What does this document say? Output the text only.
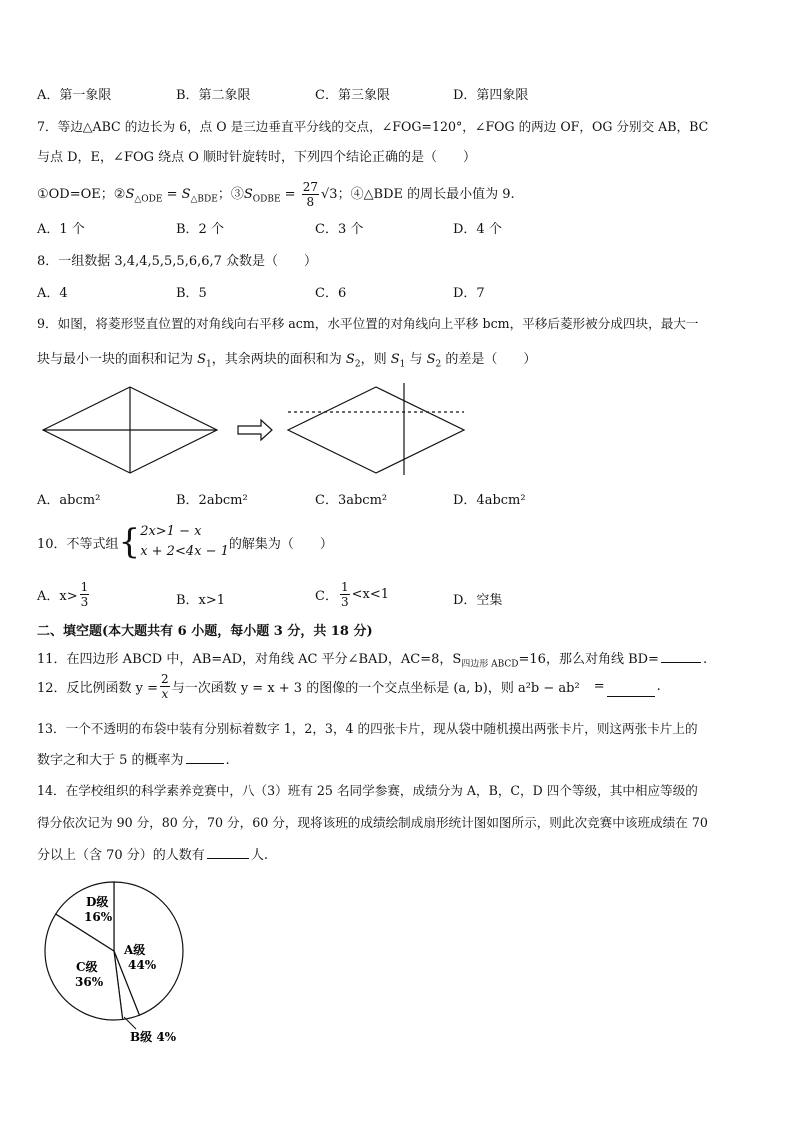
A．第一象限	B．第二象限	C．第三象限	D．第四象限
7．等边△ABC 的边长为 6，点 O 是三边垂直平分线的交点，∠FOG=120°，∠FOG 的两边 OF，OG 分别交 AB，BC
与点 D，E，∠FOG 绕点 O 顺时针旋转时，下列四个结论正确的是（　　）
①OD=OE；$②S_{\triangle ODE} = S_{\triangle BDE}$；$③S_{ODBE} = \frac{27}{8} √3$；④△BDE 的周长最小值为 9.
A．1 个	B．2 个	C．3 个	D．4 个
8．一组数据 3,4,4,5,5,5,6,6,7 众数是（　　）
A．4	B．5	C．6	D．7
9．如图，将菱形竖直位置的对角线向右平移 acm，水平位置的对角线向上平移 bcm，平移后菱形被分成四块，最大一
块与最小一块的面积和记为 $S_1$，其余两块的面积和为 $S_2$，则 $S_1$ 与 $S_2$ 的差是（　　）
A．abcm²	B．2abcm²	C．3abcm²	D．4abcm²
10．不等式组 { 2x>1 − x
x + 2<4x − 1 的解集为（　　）
A．$x> \frac{1}{3}$	B．x>1	C． $\frac{1}{3} <x<1$	D．空集
二、填空题(本大题共有 6 小题，每小题 3 分，共 18 分)
11．在四边形 ABCD 中，AB=AD，对角线 AC 平分∠BAD，AC=8，$S_{四边形 ABCD}=16$，那么对角线 BD=	.
12．反比例函数 $y = \frac{2}{x}$ 与一次函数 y = x + 3 的图像的一个交点坐标是 (a, b)，则 a²b − ab² =	.
13．一个不透明的布袋中装有分别标着数字 1，2，3，4 的四张卡片，现从袋中随机摸出两张卡片，则这两张卡片上的
数字之和大于 5 的概率为	.
14．在学校组织的科学素养竞赛中，八（3）班有 25 名同学参赛，成绩分为 A，B，C，D 四个等级，其中相应等级的
得分依次记为 90 分，80 分，70 分，60 分，现将该班的成绩绘制成扇形统计图如图所示，则此次竞赛中该班成绩在 70
分以上（含 70 分）的人数有	人.
A级
44%
C级
36%
D级
16%
B级 4%
